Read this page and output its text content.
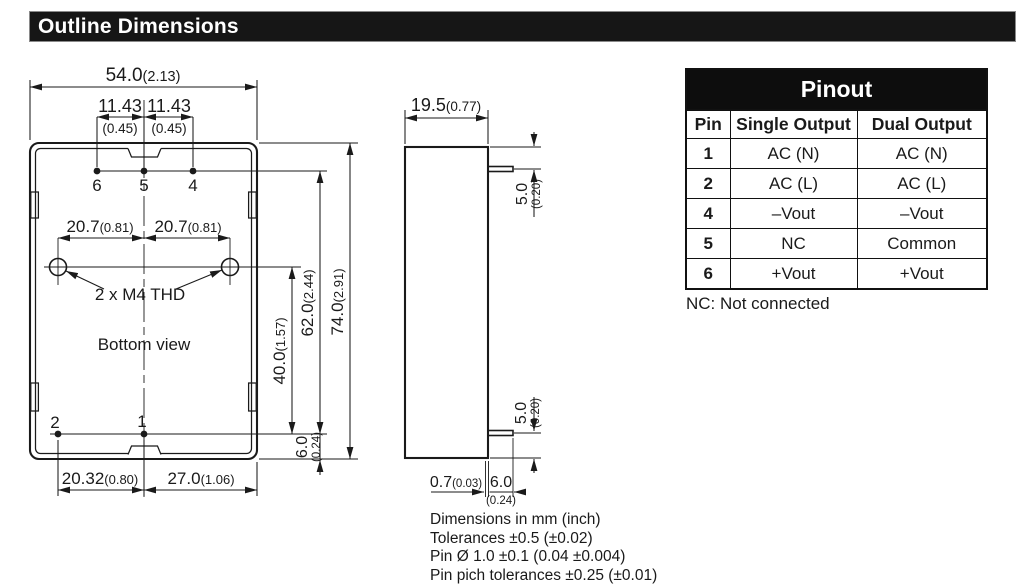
Outline Dimensions
54.0(2.13)
11.43 11.43
(0.45) (0.45)
6 5 4
20.7(0.81) 20.7(0.81)
2 x M4 THD
Bottom view
2	1
20.32(0.80) 27.0(1.06)
40.0(1.57) 62.0(2.44)
6.0 (0.24)
74.0(2.91)
19.5(0.77)
5.0 (0.20)
5.0 (0.20)
0.7(0.03) 6.0
(0.24)
Pinout		
Pin	Single Output	Dual Output
1	AC (N)	AC (N)
2	AC (L)	AC (L)
4	–Vout	–Vout
5	NC	Common
6	+Vout	+Vout
NC: Not connected
Dimensions in mm (inch)
Tolerances ±0.5 (±0.02)
Pin Ø 1.0 ±0.1 (0.04 ±0.004)
Pin pich tolerances ±0.25 (±0.01)
